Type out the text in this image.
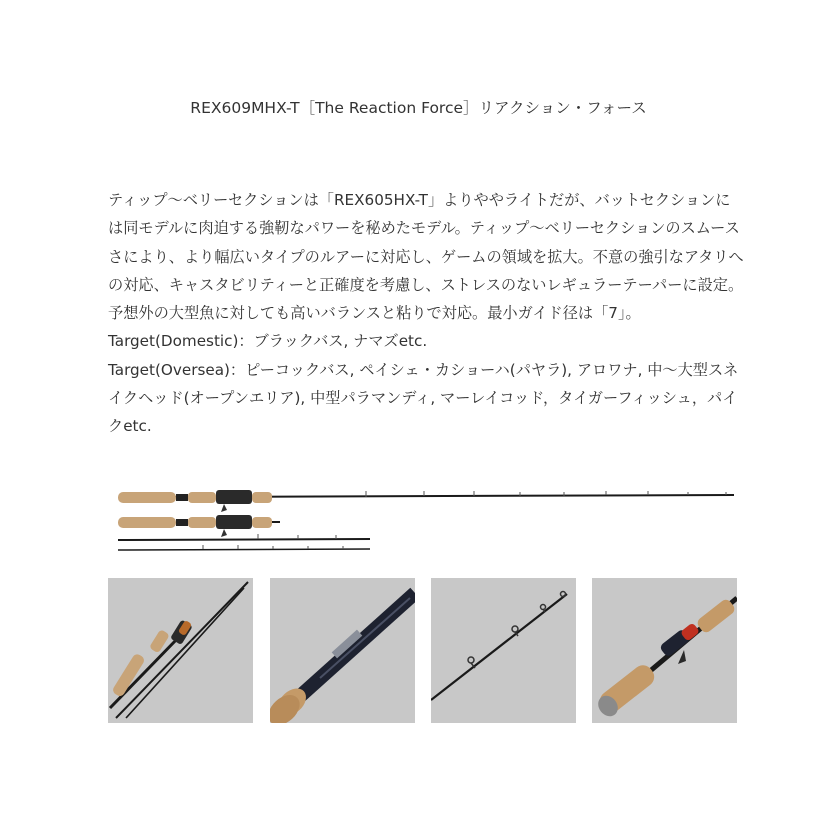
REX609MHX-T［The Reaction Force］リアクション・フォース

ティップ～ベリーセクションは「REX605HX-T」よりややライトだが、バットセクションには同モデルに肉迫する強靭なパワーを秘めたモデル。ティップ～ベリーセクションのスムースさにより、より幅広いタイプのルアーに対応し、ゲームの領域を拡大。不意の強引なアタリへの対応、キャスタビリティーと正確度を考慮し、ストレスのないレギュラーテーパーに設定。予想外の大型魚に対しても高いバランスと粘りで対応。最小ガイド径は「7」。

Target(Domestic)：ブラックバス, ナマズetc.

Target(Oversea)：ピーコックバス, ペイシェ・カショーハ(パヤラ), アロワナ, 中～大型スネイクヘッド(オープンエリア), 中型パラマンディ, マーレイコッド，タイガーフィッシュ，パイクetc.
